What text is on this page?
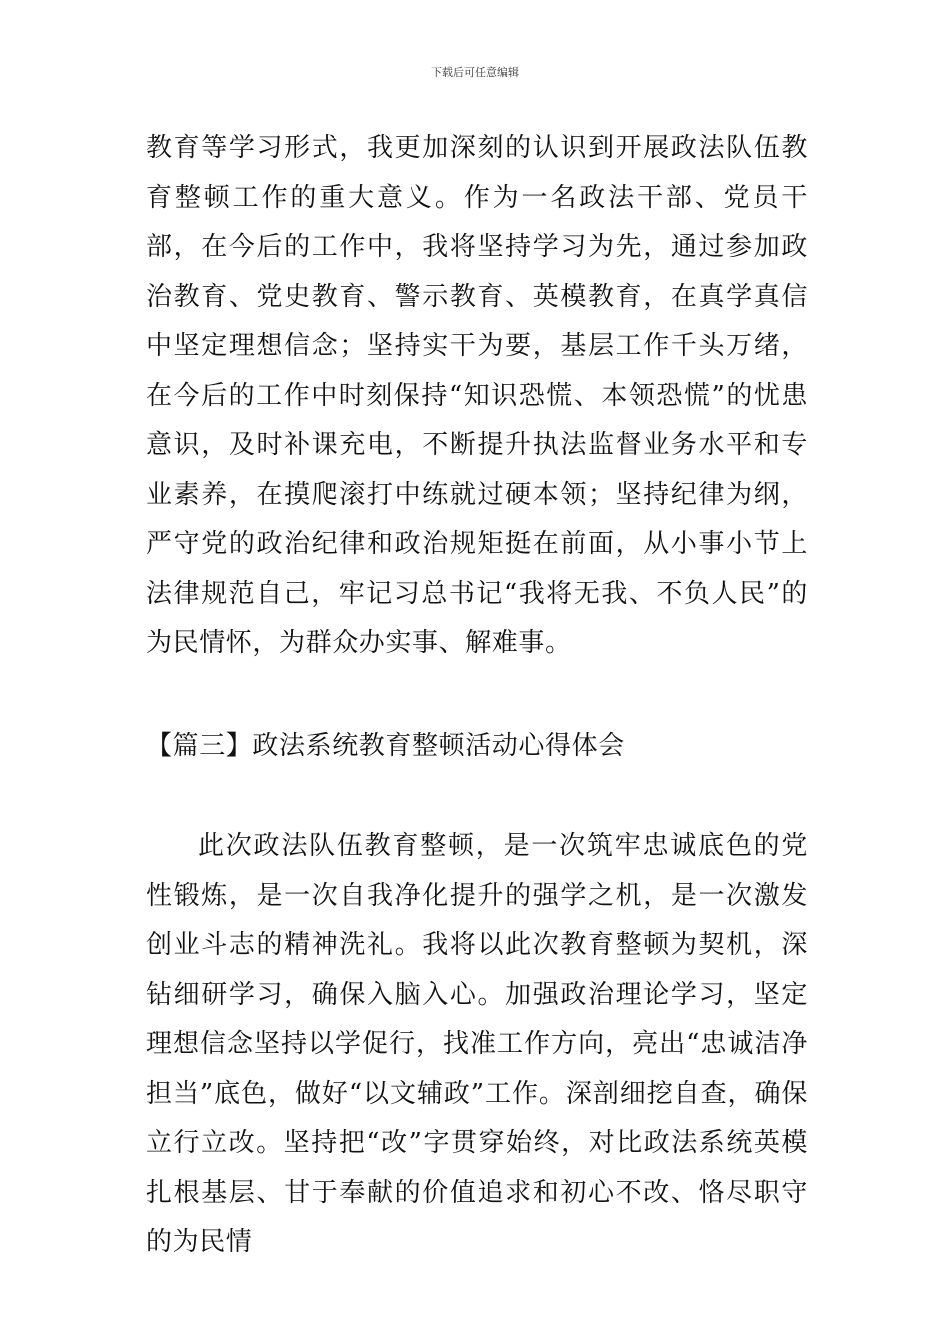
下载后可任意编辑
教育等学习形式，我更加深刻的认识到开展政法队伍教育整顿工作的重大意义。作为一名政法干部、党员干部，在今后的工作中，我将坚持学习为先，通过参加政治教育、党史教育、警示教育、英模教育，在真学真信中坚定理想信念；坚持实干为要，基层工作千头万绪，在今后的工作中时刻保持“知识恐慌、本领恐慌”的忧患意识，及时补课充电，不断提升执法监督业务水平和专业素养，在摸爬滚打中练就过硬本领；坚持纪律为纲，严守党的政治纪律和政治规矩挺在前面，从小事小节上法律规范自己，牢记习总书记“我将无我、不负人民”的为民情怀，为群众办实事、解难事。
【篇三】政法系统教育整顿活动心得体会
此次政法队伍教育整顿，是一次筑牢忠诚底色的党性锻炼，是一次自我净化提升的强学之机，是一次激发创业斗志的精神洗礼。我将以此次教育整顿为契机，深钻细研学习，确保入脑入心。加强政治理论学习，坚定理想信念坚持以学促行，找准工作方向，亮出“忠诚洁净担当”底色，做好“以文辅政”工作。深剖细挖自查，确保立行立改。坚持把“改”字贯穿始终，对比政法系统英模扎根基层、甘于奉献的价值追求和初心不改、恪尽职守的为民情
